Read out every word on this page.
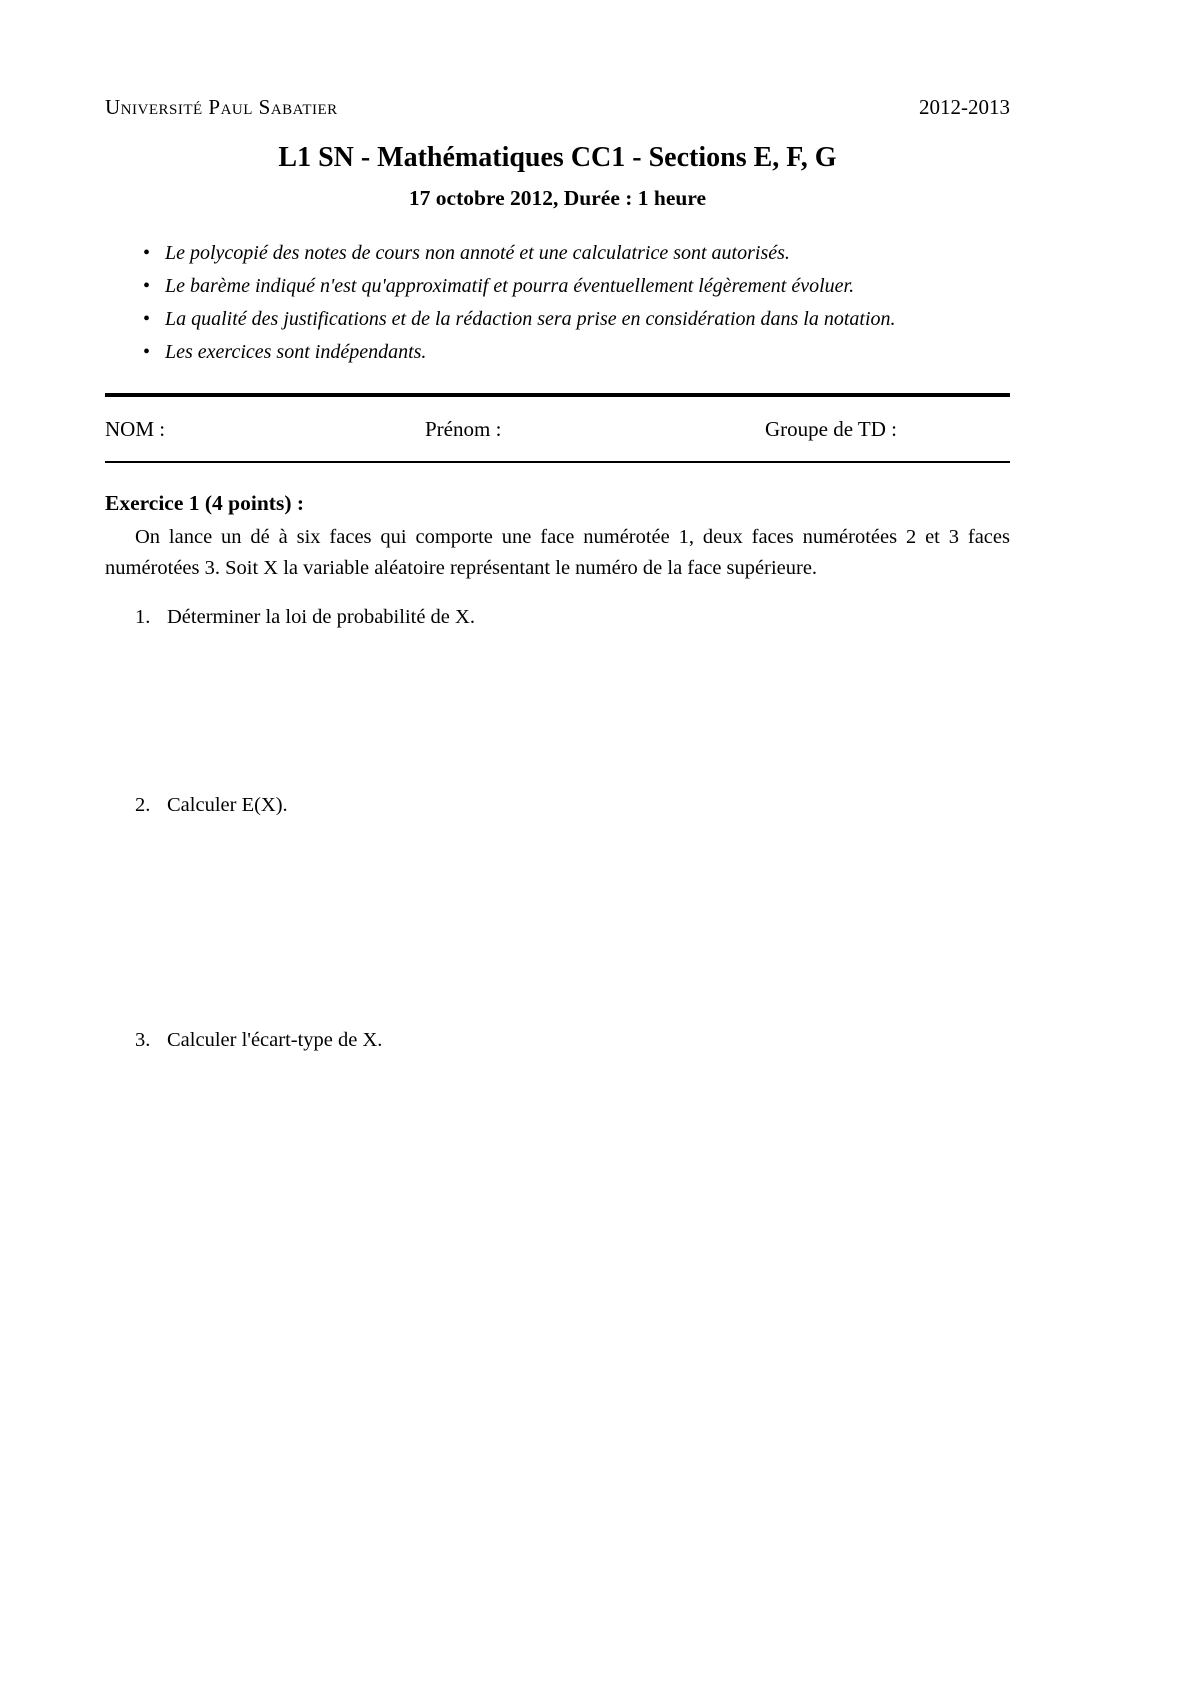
Université Paul Sabatier	2012-2013
L1 SN - Mathématiques CC1 - Sections E, F, G
17 octobre 2012, Durée : 1 heure
• Le polycopié des notes de cours non annoté et une calculatrice sont autorisés.
• Le barème indiqué n'est qu'approximatif et pourra éventuellement légèrement évoluer.
• La qualité des justifications et de la rédaction sera prise en considération dans la notation.
• Les exercices sont indépendants.
NOM :	Prénom :	Groupe de TD :
Exercice 1 (4 points) :

On lance un dé à six faces qui comporte une face numérotée 1, deux faces numérotées 2 et 3 faces numérotées 3. Soit X la variable aléatoire représentant le numéro de la face supérieure.

1. Déterminer la loi de probabilité de X.
2. Calculer E(X).
3. Calculer l'écart-type de X.
